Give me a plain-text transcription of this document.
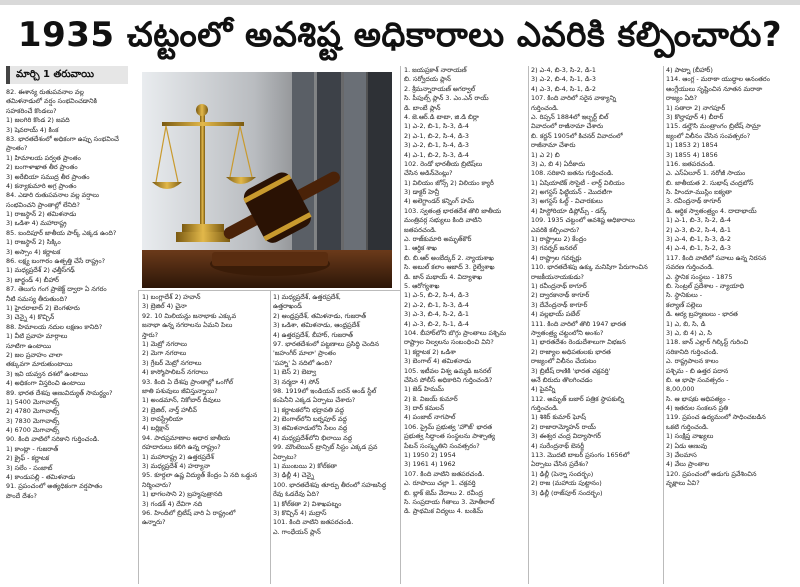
1935 చట్టంలో అవశిష్ట అధికారాలు ఎవరికి కల్పించారు?
మార్చి 1 తరువాయి
82. ఈశాన్య రుతుపవనాల వల్ల
తమిళనాడులో వర్షం సంభవించడానికి
సహకరించే కొండలు?
1) జలగిరి కొండ 2) జవది
3) షెవరాయ్ 4) కింక
83. భారతదేశంలో అధికంగా ఉప్పు సంభవించే
ప్రాంతం?
1) హిమాలయ పర్వత ప్రాంతం
2) బంగాళాఖాత తీర ప్రాంతం
3) అరేబియా సముద్ర తీర ప్రాంతం
4) కన్యాకుమారి అగ్ర ప్రాంతం
84. ఎడారి రుతుపవనాల వల్ల వర్షాలు
సంభవించని ప్రాంతాల్లో లేనిది?
1) రాజస్థాన్ 2) తమిళనాడు
3) ఒడిశా 4) మహారాష్ట్ర
85. బందిపూర్ జాతీయ పార్క్ ఎక్కడ ఉంది?
1) రాజస్థాన్ 2) సిక్కిం
3) అస్సాం 4) కర్ణాటక
86. లక్ష్య బంగారం ఉత్పత్తి చేసే రాష్ట్రం?
1) మధ్యప్రదేశ్ 2) ఛత్తీస్‌గఢ్
3) జార్ఖండ్ 4) బీహార్
87. తెలుగు గంగ ప్రాజెక్ట్ ద్వారా ఏ నగరం
నీటి సమస్య తీరుతుంది?
1) హైదరాబాద్ 2) బెంగళూరు
3) చెన్నై 4) కొచ్చిన్
88. హిమాలయ నదుల లక్షణం కానిది?
1) వీటి ప్రవాహ మార్గాలు
సూటిగా ఉంటాయి
2) జల ప్రవాహం చాలా
తక్కువగా మారుతుంటాయి
3) ఇవి యవ్వన దశలో ఉంటాయి
4) అధికంగా విస్తరించి ఉంటాయి
89. భారత దేశపు అణువిద్యుత్ సామర్థ్యం?
1) 5400 మెగావాట్స్
2) 4780 మెగావాట్స్
3) 7830 మెగావాట్స్
4) 6700 మెగావాట్స్
90. కింది వాటిలో సరికాని గుర్తించండి.
1) కాంట్లా - గుజరాత్
2) క్రైఫ్ - కర్ణాటక
3) సలేం - పంజాబ్
4) కాండుపల్లి - తమిళనాడు
91. ప్రపంచంలో అత్యధికంగా వర్షపాతం
పొందే దేశం?
1) బంగ్లాదేశ్ 2) హవాన్
3) బ్రెజిల్ 4) చైనా
92. 10 మిలియన్లు జనాభాకు ఎక్కువ
జనాభా ఉన్న నగరాలను ఏమని పిలు
స్తారు?
1) మెట్రో నగరాలు
2) మెగా నగరాలు
3) గ్రేటర్ మెట్రో నగరాలు
4) కాస్మోపాలిటన్ నగరాలు
93. కింది ఏ దేశపు ప్రాంతాల్లో ఒంగోల్
జాతి పశువులు జీవిస్తున్నాయి?
1) అండమాన్, నికోబార్ దీవులు
2) బ్రెజిల్, నార్త్ హాలీవ్
3) రావస్ట్రేలియా
4) బర్లిక్షాన్
94. పాదప్రమాణాల ఆధార జాతీయ
రహదారులు కలిగి ఉన్న రాష్ట్రం?
1) మహారాష్ట్ర 2) ఉత్తరప్రదేశ్
3) మధ్యప్రదేశ్ 4) హర్యానా
95. కూర్దలా ఉష్ణ విద్యుత్ కేంద్రం ఏ నది ఒడ్డున
నిర్మించారు?
1) భాగలసాని 2) బ్రహ్మపుత్రానది
3) గండక్ 4) దేవిగా నది
96. హిందీలో బ్రిటీష్ వారి ఏ రాష్ట్రంలో
ఉన్నారు?
1) మధ్యప్రదేశ్, ఉత్తరప్రదేశ్,
ఉత్తరాఖండ్
2) ఆంధ్రప్రదేశ్, తమిళనాడు, గుజరాత్
3) ఒడిశా, తమిళనాడు, ఆంధ్రప్రదేశ్
4) ఉత్తరప్రదేశ్, బీహార్, గుజరాత్
97. భారతదేశంలో పట్టణాలు ప్రసిద్ధి చెందిన
'జహంగీర్ మాలా' ప్రాంతం
'పహ్నా' ఏ నదిలో ఉంది?
1) బెస్ 2) బెట్వా
3) నర్మదా 4) సోన్
98. 1919లో ఇండియన్ ఐరన్ అండ్ స్టీల్
కంపెనీని ఎక్కడ ఏర్పాటు చేశారు?
1) కర్ణాటకలోని భద్రావతి వద్ద
2) బెంగాల్‌లోని బర్నపూర్ వద్ద
3) తమిళనాడులోని సేలం వద్ద
4) మధ్యప్రదేశ్‌లోని భిలాయి వద్ద
99. మౌంటెయిన్ ట్రాన్సిట్ సిస్టం ఎక్కడ ప్రవ
ఏర్పాటు?
1) ముంబయి 2) కోల్‌కతా
3) ఢిల్లీ 4) చెన్నై
100. భారతదేశపు తూర్పు తీరంలో సహజసిద్ధ
రేవు ఓడరేవు ఏది?
1) కోల్‌కతా 2) విశాఖపట్నం
3) కొచ్చిన్ 4) మద్రాస్
101. కింది వాటిని జతపరచండి.
ఎ. గాంధేయన్ ప్లాన్
1. జయప్రకాశ్ నారాయణ్
బి. సర్వోదయ ప్లాన్
2. శ్రీమన్నారాయణ్ అగర్వాల్
సి. పీపుల్స్ ప్లాన్ 3. ఎం.ఎన్ రాయ్
డి. బాంబే ప్లాన్
4. జె.ఆర్.డి టాటా, జి.డి బిర్లా
1) ఎ-2, బి-1, సి-3, డి-4
2) ఎ-1, బి-2, సి-4, డి-3
3) ఎ-2, బి-1, సి-4, డి-3
4) ఎ-1, బి-2, సి-3, డి-4
102. రెండో భారతీయ బ్రిటిష్‌లు
చేసిన అడిన్‌వెంట్లు?
1) విలియం జోన్స్ 2) విలియం క్యారీ
3) డాక్టర్ హెన్రీ
4) అలెగ్జాండర్ కన్నింగ్ హమ్
103. స్వతంత్ర భారతదేశ తొలి జాతీయ
మంత్రివర్గ సభ్యులు కింది వాటిని
జతపరచండి.
ఎ. రాజ్‌కుమారి అమృత్‌కౌర్
1. ఆర్థిక శాఖ
బి. బి.ఆర్ అంబేద్కర్ 2. న్యాయశాఖ
సి. అబుల్ కలాం ఆజాద్ 3. రైల్వేశాఖ
డి. జాన్ మథాయ్ 4. విద్యాశాఖ
5. ఆరోగ్యశాఖ
1) ఎ-5, బి-2, సి-4, డి-3
2) ఎ-2, బి-1, సి-3, డి-4
3) ఎ-3, బి-4, సి-2, డి-1
4) ఎ-3, బి-2, సి-1, డి-4
104. బీహార్‌లోని బొగ్గు ప్రాంతాలు పశ్చిమ
రాష్ట్రాల నిల్వలను సంబంధించి విని?
1) కర్ణాటక 2) ఒడిశా
3) బెంగాల్ 4) తమిళనాడు
105. ఇటీవల విశ్వ ఉమ్మడి జనరల్
చేసిన పోలీస్ అధికారిని గుర్తించండి?
1) జెడ్ హిమమ్
2) కె. విజయ్ కుమార్
3) దార్ కమలన్
4) పంజాబ్ నాగపాల్
106. ప్రైమ్ ప్రభుత్వ 'హౌజ్‌' భారత
ప్రభుత్వ సిద్ధాంత సంస్థలను పాశ్చాత్య
పేటన్ సంస్కృతిని సంవత్సరం?
1) 1950 2) 1954
3) 1961 4) 1962
107. కింది వాటిని జతపరచండి.
ఎ. రూపాయి చల్లా 1. చక్రవర్తి
బి. బ్లాక్ జెమ్ వేదాలు 2. రవీంద్ర
సి. సంప్రదాయ గీతాలు 3. మోతీలాల్
డి. ప్రాథమిక విద్యలు 4. బంకిమ్
2) ఎ-4, బి-3, సి-2, డి-1
3) ఎ-2, బి-4, సి-1, డి-3
4) ఎ-3, బి-4, సి-1, డి-2
107. కింది వారిలో సరైన వాక్యాన్ని
గుర్తించండి.
ఎ. రిప్పన్ 1884లో ఇల్బర్ట్ బిల్
వివాదంలో రాజీనామా చేశారు
బి. కర్జన్ 1905లో కిచనర్ వివాదంలో
రాజీనామా చేశారు
1) ఎ 2) బి
3) ఎ, బి 4) ఏదీకాదు
108. సరికాని జతను గుర్తించండి.
1) ఏషియాటిక్ సొసైటీ - లార్డ్ విలియం
2) అగస్టస్ ఫిట్జియన్ - మొదటిగా
3) అగస్టస్ ఓల్డ్ - విచారకులు
4) హిస్టోరియా డిప్లోమ్స్ - డర్క్
109. 1935 చట్టంలో అవశిష్ట అధికారాలు
ఎవరికి కల్పించారు?
1) రాష్ట్రాలు 2) కేంద్రం
3) గవర్నర్ జనరల్
4) రాష్ట్రాల గవర్నర్లు
110. భారతదేశపు ఉక్కు మనిషిగా పేరుగాంచిన
రాజకీయనాయకుడు?
1) రవీంద్రనాథ్ ఠాగూర్
2) ద్వారకానాథ్ ఠాగూర్
3) దేవేంద్రనాథ్ ఠాగూర్
4) వల్లభాయ్ పటేల్
111. కింది వారిలో తొలి 1947 భారత
స్వాతంత్ర్య చట్టంలోని అంశం?
1) భారతదేశం రెండుదేశాలుగా విభజన
2) రాజ్యాల అధిపతులకు భారత
రాజ్యంలో విలీనం చేయటం
3) బ్రిటీష్ రాణికి 'భారత చక్రవర్తి'
అనే బిరుదు తొలగించడం
4) పైవన్నీ
112. అమృత్ బజార్ పత్రిక స్థాపకుల్ని
గుర్తించండి.
1) శిశిర్ కుమార్ ఘోష్
2) రాజారామ్మోహన్ రాయ్
3) ఈశ్వర చంద్ర విద్యాసాగర్
4) సురేంద్రనాథ్ బెనర్జీ
113. మొదటి బాబర్ ప్రసంగం 1656లో
ఏర్పాటు చేసిన ప్రదేశం?
1) ఢిల్లీ (పెన్నా సందర్భం)
2) రాజ (మహాయ పుట్టానం)
3) ఢిల్లీ (రాజ్‌పూర్ సందర్భం)
4) పాట్నా (బీహార్)
114. ఆంగ్ల - మరాఠా యుద్ధాల అనంతరం
ఆంగ్లేయులు సృష్టించిన నూతన మరాఠా
రాజ్యం ఏది?
1) సతారా 2) నాగపూర్
3) కొల్హాపూర్ 4) బీరార్
115. డల్హౌసి మంత్రాంగం బ్రిటీష్ సామ్రా
జ్యంలో విలీనం చేసిన సంవత్సరం?
1) 1853 2) 1854
3) 1855 4) 1856
116. జతపరచండి.
ఎ. ఎస్‌ఏలూర్ 1. నరోజీ సాయం
బి. జాతీయత 2. సుభాష్ చంద్రబోస్
సి. హిందూ-ముస్లిం ఐక్యతా
3. రవీంద్రనాథ్ ఠాగూర్
డి. ఆర్థిక స్వాతంత్ర్యం 4. దాదాభాయ్
1) ఎ-1, బి-3, సి-2, డి-4
2) ఎ-3, బి-2, సి-4, డి-1
3) ఎ-4, బి-1, సి-3, డి-2
4) ఎ-4, బి-1, సి-2, డి-3
117. కింది వాటిలో సవాలు ఉన్న నిరసన
సవరణ గుర్తించండి.
ఎ. స్థానిక సంస్థలు - 1875
బి. సెంట్రల్ ప్రదేశాల - న్యాయాధి
సి. స్థానికులు -
కల్యాణ్ పల్లెలు
డి. ఆర్య బ్రహ్మణులు - భారత
1) ఎ, బి, సి, డి
3) ఎ, బి 4) ఎ, సి
118. జాన్ ఎల్లార్ గిల్కిస్ట్ గురించి
సరికానిది గుర్తించండి.
ఎ. రాష్ట్రపాలన కాలం
పశ్చిమ - బి ఉత్తర పదాన
బి. ఆ భాషా సంవత్సరం -
8,00,000
సి. ఆ భాషకు ఆధిపత్యం -
4) ఇతరుల సంకలన ప్రతి
119. ప్రపంచ ఉద్యమంలో సాధించబడిన
ఒకటి గుర్తించండి.
1) సంక్షిప్త వాఖ్యలు
2) ఏడు అణువు
3) వేలమాస
4) వేలు ప్రాంతాల
120. ప్రపంచంలో అడుగు ప్రవేశించిన
వృక్షాలు ఏవి?
